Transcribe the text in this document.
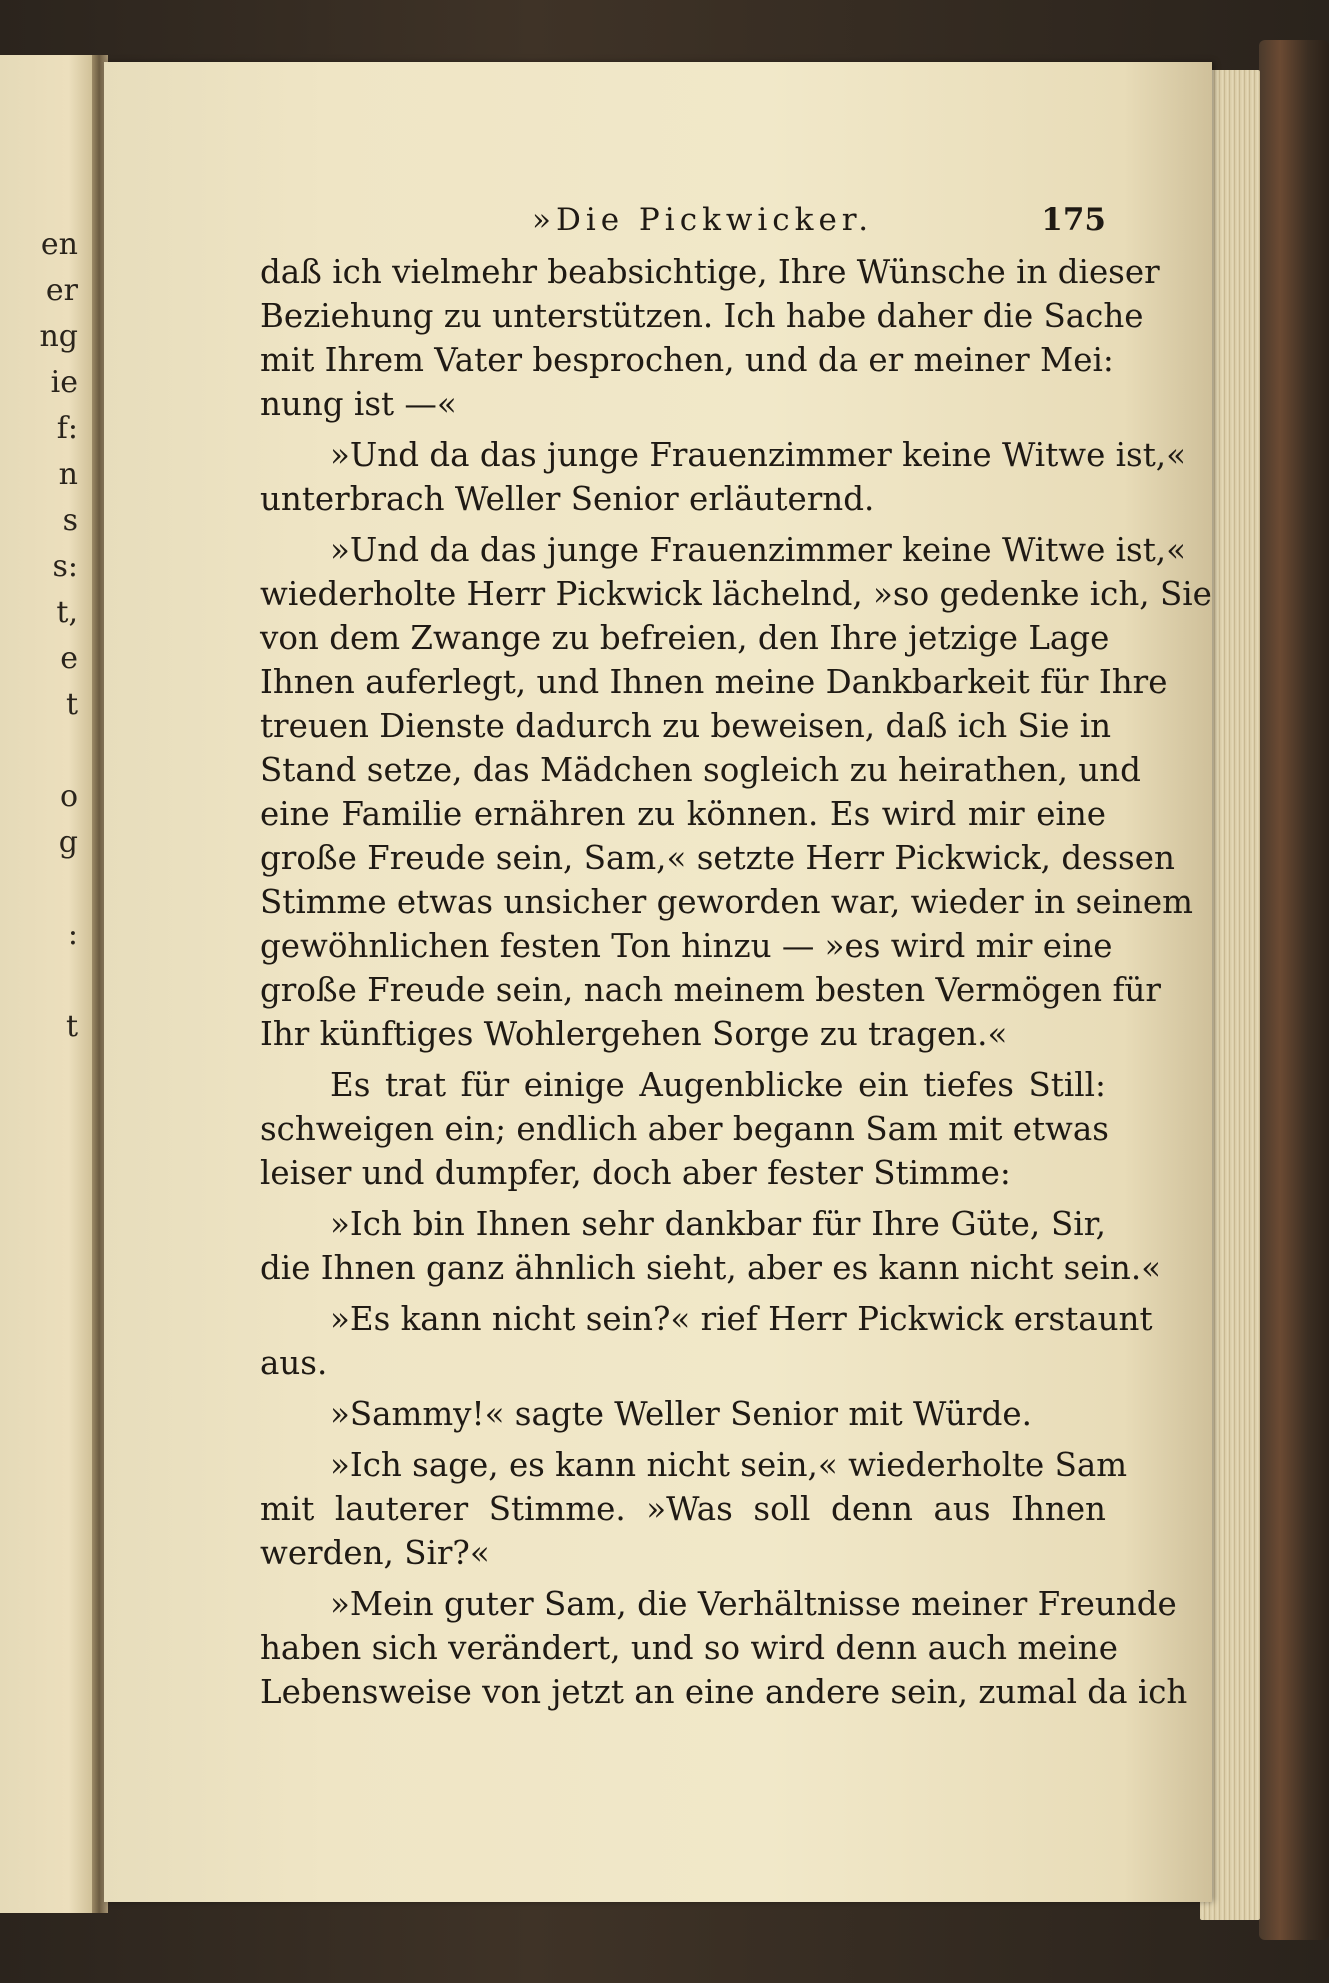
en
er
ng
ie
f:
n
s
s:
t,
e
t
o
g
:
t
»Die Pickwicker.	175

daß ich vielmehr beabsichtige, Ihre Wünsche in dieser
Beziehung zu unterstützen. Ich habe daher die Sache
mit Ihrem Vater besprochen, und da er meiner Mei:
nung ist —«

»Und da das junge Frauenzimmer keine Witwe ist,«
unterbrach Weller Senior erläuternd.

»Und da das junge Frauenzimmer keine Witwe ist,«
wiederholte Herr Pickwick lächelnd, »so gedenke ich, Sie
von dem Zwange zu befreien, den Ihre jetzige Lage
Ihnen auferlegt, und Ihnen meine Dankbarkeit für Ihre
treuen Dienste dadurch zu beweisen, daß ich Sie in
Stand setze, das Mädchen sogleich zu heirathen, und
eine Familie ernähren zu können. Es wird mir eine
große Freude sein, Sam,« setzte Herr Pickwick, dessen
Stimme etwas unsicher geworden war, wieder in seinem
gewöhnlichen festen Ton hinzu — »es wird mir eine
große Freude sein, nach meinem besten Vermögen für
Ihr künftiges Wohlergehen Sorge zu tragen.«

Es trat für einige Augenblicke ein tiefes Still:
schweigen ein; endlich aber begann Sam mit etwas
leiser und dumpfer, doch aber fester Stimme:

»Ich bin Ihnen sehr dankbar für Ihre Güte, Sir,
die Ihnen ganz ähnlich sieht, aber es kann nicht sein.«

»Es kann nicht sein?« rief Herr Pickwick erstaunt
aus.

»Sammy!« sagte Weller Senior mit Würde.

»Ich sage, es kann nicht sein,« wiederholte Sam
mit lauterer Stimme. »Was soll denn aus Ihnen
werden, Sir?«

»Mein guter Sam, die Verhältnisse meiner Freunde
haben sich verändert, und so wird denn auch meine
Lebensweise von jetzt an eine andere sein, zumal da ich
